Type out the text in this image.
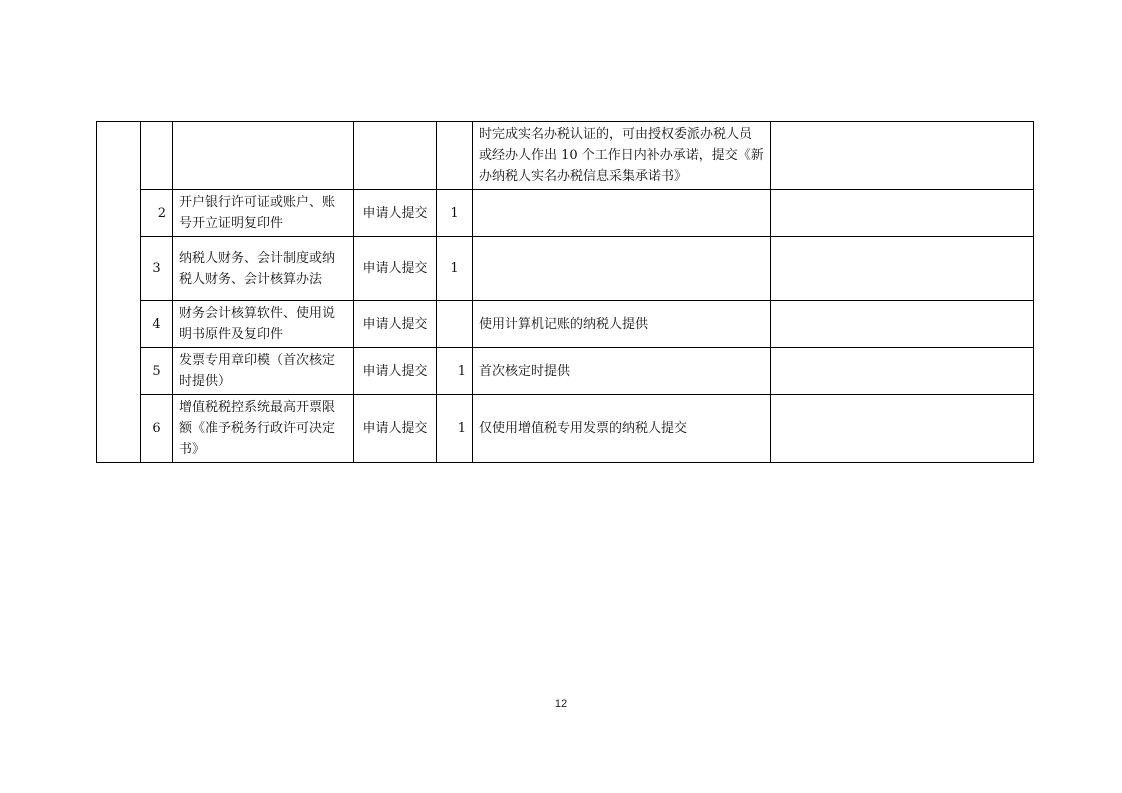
					时完成实名办税认证的，可由授权委派办税人员或经办人作出 10 个工作日内补办承诺，提交《新办纳税人实名办税信息采集承诺书》	
	2	开户银行许可证或账户、账号开立证明复印件	申请人提交	1		
	3	纳税人财务、会计制度或纳税人财务、会计核算办法	申请人提交	1		
	4	财务会计核算软件、使用说明书原件及复印件	申请人提交		使用计算机记账的纳税人提供	
	5	发票专用章印模（首次核定时提供）	申请人提交	1	首次核定时提供	
	6	增值税税控系统最高开票限额《准予税务行政许可决定书》	申请人提交	1	仅使用增值税专用发票的纳税人提交	
12
